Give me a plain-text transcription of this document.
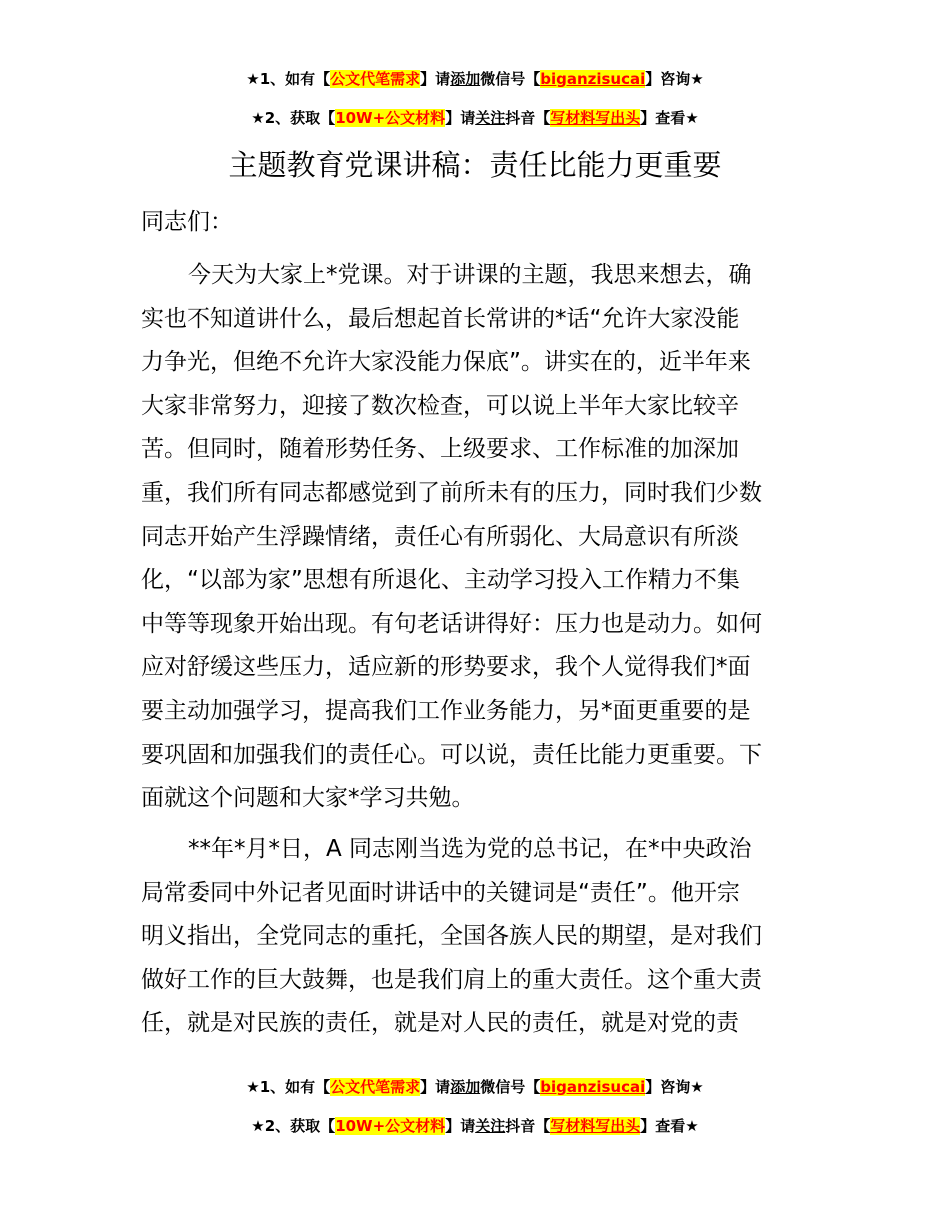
★1、如有【公文代笔需求】请添加微信号【biganzisucai】咨询★
★2、获取【10W+公文材料】请关注抖音【写材料写出头】查看★
主题教育党课讲稿：责任比能力更重要
同志们：
今天为大家上*党课。对于讲课的主题，我思来想去，确
实也不知道讲什么，最后想起首长常讲的*话“允许大家没能
力争光，但绝不允许大家没能力保底”。讲实在的，近半年来
大家非常努力，迎接了数次检查，可以说上半年大家比较辛
苦。但同时，随着形势任务、上级要求、工作标准的加深加
重，我们所有同志都感觉到了前所未有的压力，同时我们少数
同志开始产生浮躁情绪，责任心有所弱化、大局意识有所淡
化，“以部为家”思想有所退化、主动学习投入工作精力不集
中等等现象开始出现。有句老话讲得好：压力也是动力。如何
应对舒缓这些压力，适应新的形势要求，我个人觉得我们*面
要主动加强学习，提高我们工作业务能力，另*面更重要的是
要巩固和加强我们的责任心。可以说，责任比能力更重要。下
面就这个问题和大家*学习共勉。
**年*月*日，A 同志刚当选为党的总书记，在*中央政治
局常委同中外记者见面时讲话中的关键词是“责任”。他开宗
明义指出，全党同志的重托，全国各族人民的期望，是对我们
做好工作的巨大鼓舞，也是我们肩上的重大责任。这个重大责
任，就是对民族的责任，就是对人民的责任，就是对党的责
★1、如有【公文代笔需求】请添加微信号【biganzisucai】咨询★
★2、获取【10W+公文材料】请关注抖音【写材料写出头】查看★
